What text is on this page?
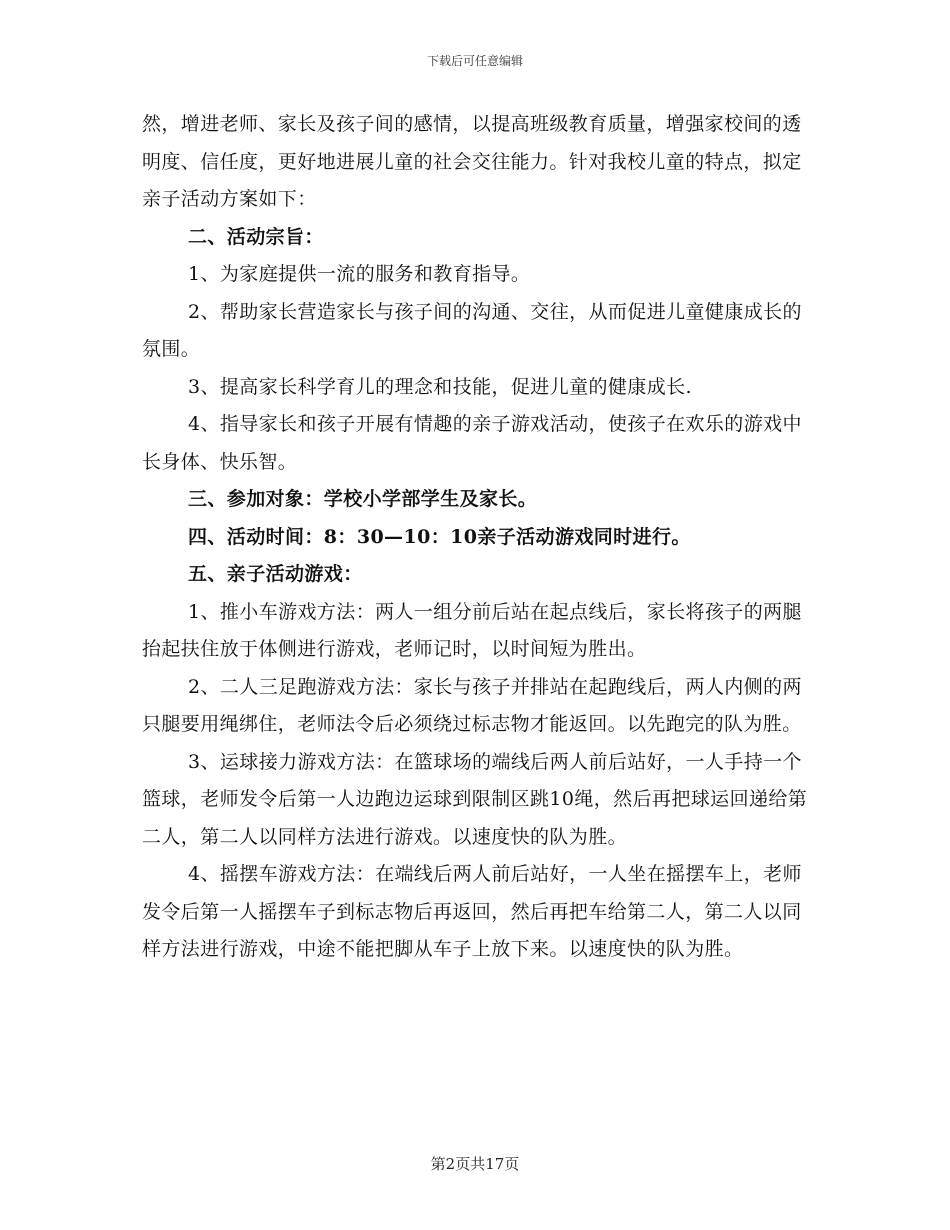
下载后可任意编辑

然，增进老师、家长及孩子间的感情，以提高班级教育质量，增强家校间的透明度、信任度，更好地进展儿童的社会交往能力。针对我校儿童的特点，拟定亲子活动方案如下：

二、活动宗旨：

1、为家庭提供一流的服务和教育指导。

2、帮助家长营造家长与孩子间的沟通、交往，从而促进儿童健康成长的氛围。

3、提高家长科学育儿的理念和技能，促进儿童的健康成长.

4、指导家长和孩子开展有情趣的亲子游戏活动，使孩子在欢乐的游戏中长身体、快乐智。

三、参加对象：学校小学部学生及家长。

四、活动时间：8：30—10：10亲子活动游戏同时进行。

五、亲子活动游戏：

1、推小车游戏方法：两人一组分前后站在起点线后，家长将孩子的两腿抬起扶住放于体侧进行游戏，老师记时，以时间短为胜出。

2、二人三足跑游戏方法：家长与孩子并排站在起跑线后，两人内侧的两只腿要用绳绑住，老师法令后必须绕过标志物才能返回。以先跑完的队为胜。

3、运球接力游戏方法：在篮球场的端线后两人前后站好，一人手持一个篮球，老师发令后第一人边跑边运球到限制区跳10绳，然后再把球运回递给第二人，第二人以同样方法进行游戏。以速度快的队为胜。

4、摇摆车游戏方法：在端线后两人前后站好，一人坐在摇摆车上，老师发令后第一人摇摆车子到标志物后再返回，然后再把车给第二人，第二人以同样方法进行游戏，中途不能把脚从车子上放下来。以速度快的队为胜。

第2页共17页
